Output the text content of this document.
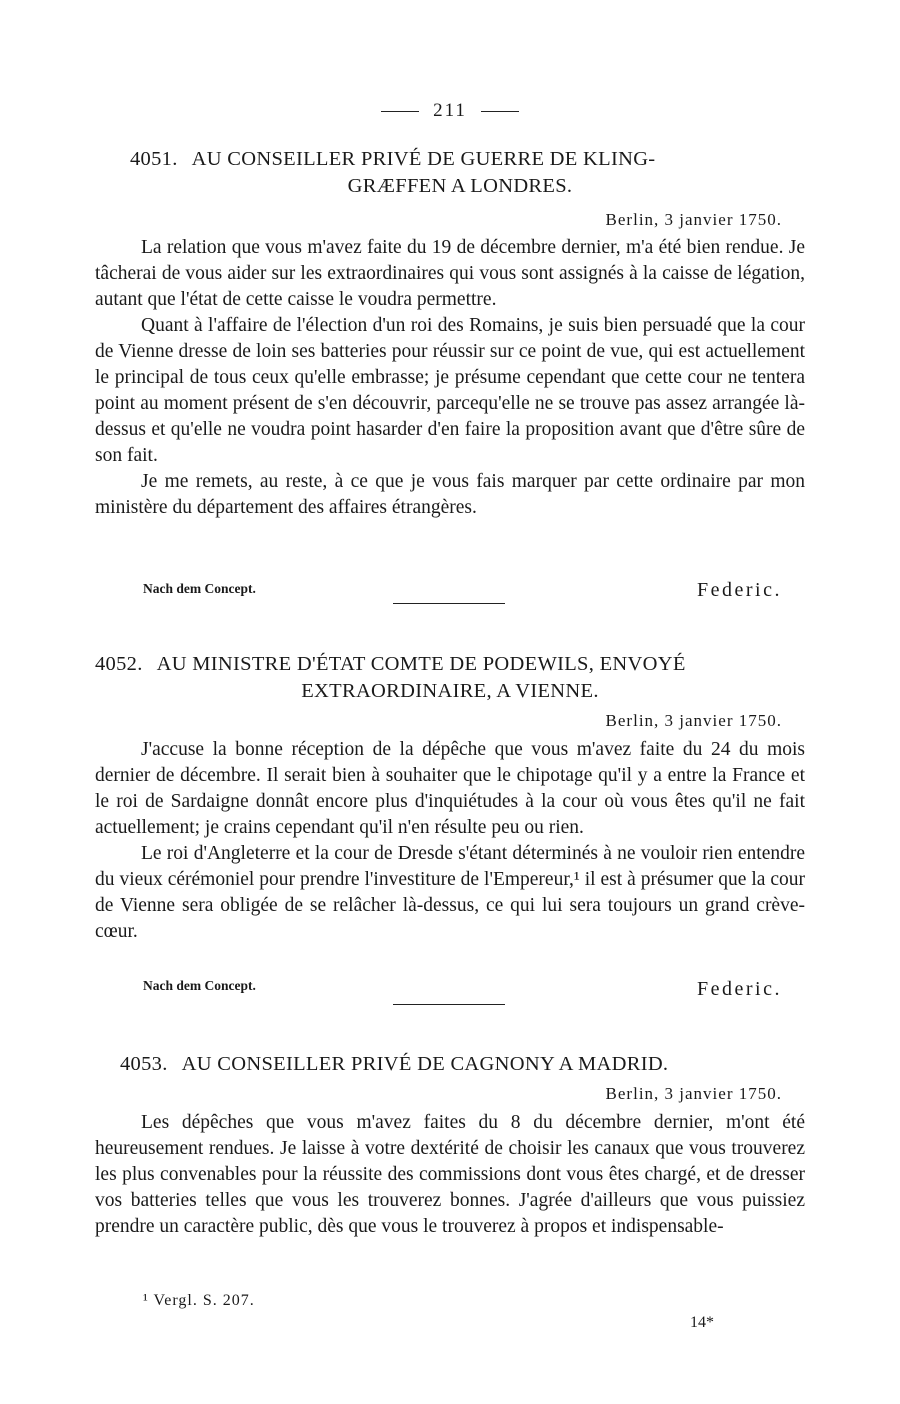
211
4051. AU CONSEILLER PRIVÉ DE GUERRE DE KLING-
GRÆFFEN A LONDRES.
Berlin, 3 janvier 1750.

La relation que vous m'avez faite du 19 de décembre dernier, m'a été bien rendue. Je tâcherai de vous aider sur les extraordinaires qui vous sont assignés à la caisse de légation, autant que l'état de cette caisse le voudra permettre.

Quant à l'affaire de l'élection d'un roi des Romains, je suis bien persuadé que la cour de Vienne dresse de loin ses batteries pour réussir sur ce point de vue, qui est actuellement le principal de tous ceux qu'elle embrasse; je présume cependant que cette cour ne tentera point au moment présent de s'en découvrir, parcequ'elle ne se trouve pas assez arrangée là-dessus et qu'elle ne voudra point hasarder d'en faire la proposition avant que d'être sûre de son fait.

Je me remets, au reste, à ce que je vous fais marquer par cette ordinaire par mon ministère du département des affaires étrangères.

Nach dem Concept.	Federic.
4052. AU MINISTRE D'ÉTAT COMTE DE PODEWILS, ENVOYÉ
EXTRAORDINAIRE, A VIENNE.
Berlin, 3 janvier 1750.

J'accuse la bonne réception de la dépêche que vous m'avez faite du 24 du mois dernier de décembre. Il serait bien à souhaiter que le chipotage qu'il y a entre la France et le roi de Sardaigne donnât encore plus d'inquiétudes à la cour où vous êtes qu'il ne fait actuellement; je crains cependant qu'il n'en résulte peu ou rien.

Le roi d'Angleterre et la cour de Dresde s'étant déterminés à ne vouloir rien entendre du vieux cérémoniel pour prendre l'investiture de l'Empereur,¹ il est à présumer que la cour de Vienne sera obligée de se relâcher là-dessus, ce qui lui sera toujours un grand crève-cœur.

Nach dem Concept.	Federic.
4053. AU CONSEILLER PRIVÉ DE CAGNONY A MADRID.
Berlin, 3 janvier 1750.

Les dépêches que vous m'avez faites du 8 du décembre dernier, m'ont été heureusement rendues. Je laisse à votre dextérité de choisir les canaux que vous trouverez les plus convenables pour la réussite des commissions dont vous êtes chargé, et de dresser vos batteries telles que vous les trouverez bonnes. J'agrée d'ailleurs que vous puissiez prendre un caractère public, dès que vous le trouverez à propos et indispensable-

¹ Vergl. S. 207.
14*
